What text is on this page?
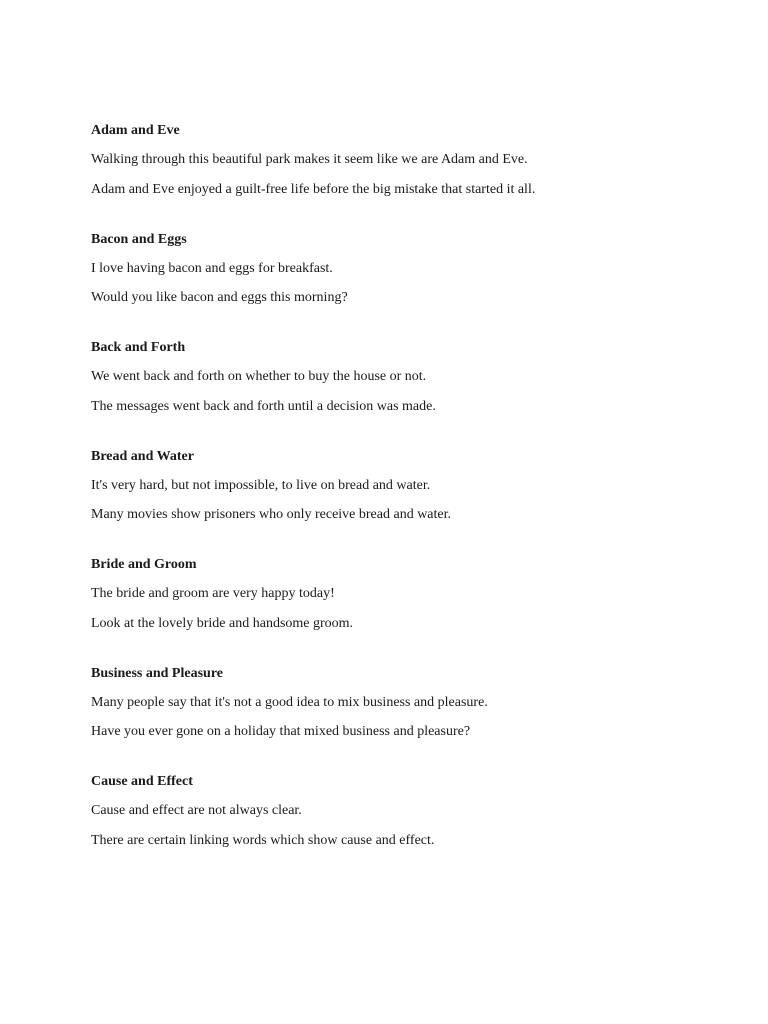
Adam and Eve
Walking through this beautiful park makes it seem like we are Adam and Eve.
Adam and Eve enjoyed a guilt-free life before the big mistake that started it all.
Bacon and Eggs
I love having bacon and eggs for breakfast.
Would you like bacon and eggs this morning?
Back and Forth
We went back and forth on whether to buy the house or not.
The messages went back and forth until a decision was made.
Bread and Water
It's very hard, but not impossible, to live on bread and water.
Many movies show prisoners who only receive bread and water.
Bride and Groom
The bride and groom are very happy today!
Look at the lovely bride and handsome groom.
Business and Pleasure
Many people say that it's not a good idea to mix business and pleasure.
Have you ever gone on a holiday that mixed business and pleasure?
Cause and Effect
Cause and effect are not always clear.
There are certain linking words which show cause and effect.
